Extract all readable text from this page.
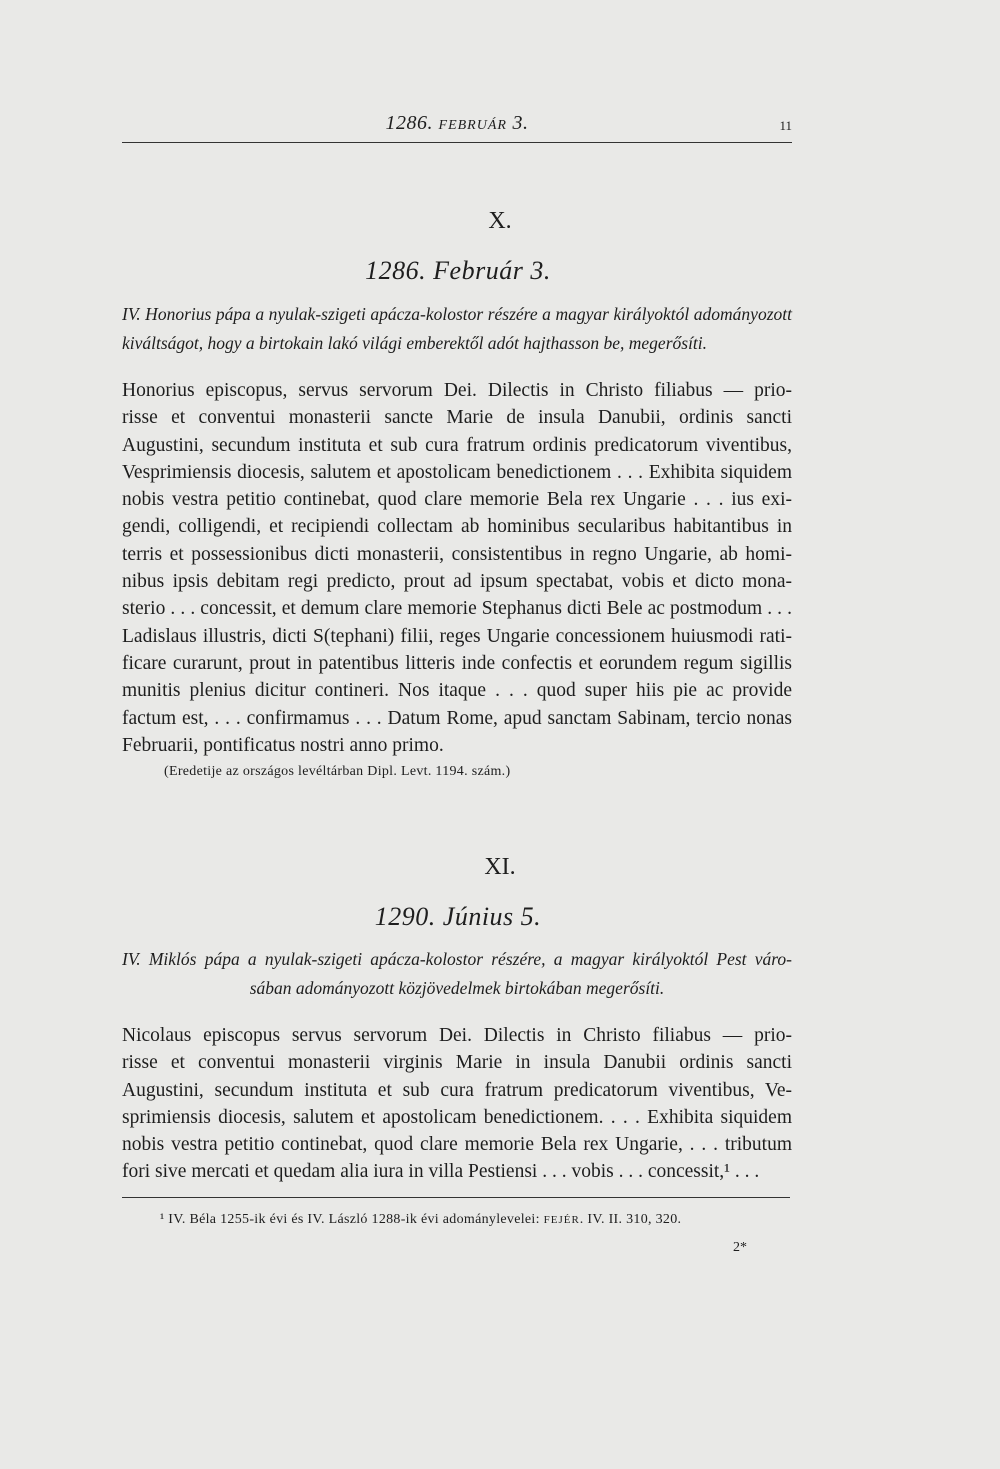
1286. FEBRUÁR 3.	11
X.
1286. Február 3.
IV. Honorius pápa a nyulak-szigeti apácza-kolostor részére a magyar királyoktól adományozott kiváltságot, hogy a birtokain lakó világi emberektől adót hajthasson be, megerősíti.
Honorius episcopus, servus servorum Dei. Dilectis in Christo filiabus — prio-
risse et conventui monasterii sancte Marie de insula Danubii, ordinis sancti
Augustini, secundum instituta et sub cura fratrum ordinis predicatorum viventibus,
Vesprimiensis diocesis, salutem et apostolicam benedictionem . . . Exhibita siquidem
nobis vestra petitio continebat, quod clare memorie Bela rex Ungarie . . . ius exi-
gendi, colligendi, et recipiendi collectam ab hominibus secularibus habitantibus in
terris et possessionibus dicti monasterii, consistentibus in regno Ungarie, ab homi-
nibus ipsis debitam regi predicto, prout ad ipsum spectabat, vobis et dicto mona-
sterio . . . concessit, et demum clare memorie Stephanus dicti Bele ac postmodum . . .
Ladislaus illustris, dicti S(tephani) filii, reges Ungarie concessionem huiusmodi rati-
ficare curarunt, prout in patentibus litteris inde confectis et eorundem regum sigillis
munitis plenius dicitur contineri. Nos itaque . . . quod super hiis pie ac provide
factum est, . . . confirmamus . . . Datum Rome, apud sanctam Sabinam, tercio nonas
Februarii, pontificatus nostri anno primo.
(Eredetije az országos levéltárban Dipl. Levt. 1194. szám.)
XI.
1290. Június 5.
IV. Miklós pápa a nyulak-szigeti apácza-kolostor részére, a magyar királyoktól Pest váro-
sában adományozott közjövedelmek birtokában megerősíti.
Nicolaus episcopus servus servorum Dei. Dilectis in Christo filiabus — prio-
risse et conventui monasterii virginis Marie in insula Danubii ordinis sancti
Augustini, secundum instituta et sub cura fratrum predicatorum viventibus, Ve-
sprimiensis diocesis, salutem et apostolicam benedictionem. . . . Exhibita siquidem
nobis vestra petitio continebat, quod clare memorie Bela rex Ungarie, . . . tributum
fori sive mercati et quedam alia iura in villa Pestiensi . . . vobis . . . concessit,¹ . . .
¹ IV. Béla 1255-ik évi és IV. László 1288-ik évi adománylevelei: FEJÉR. IV. II. 310, 320.
2*
